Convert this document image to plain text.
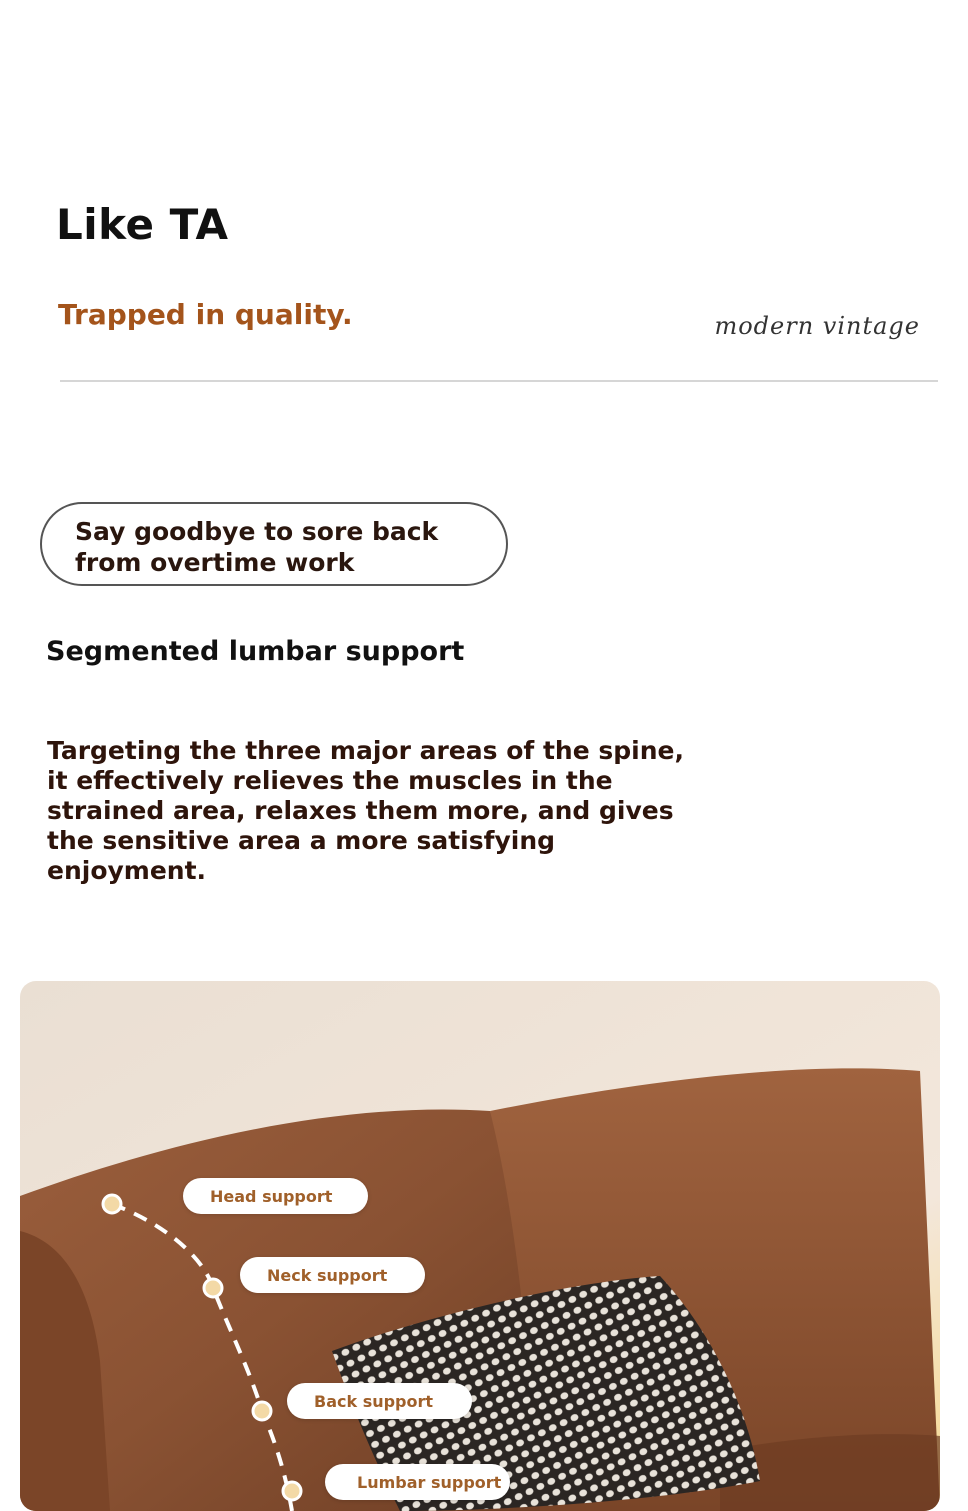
Like TA
Trapped in quality.	modern vintage
Say goodbye to sore back
from overtime work
Segmented lumbar support
Targeting the three major areas of the spine,
it effectively relieves the muscles in the
strained area, relaxes them more, and gives
the sensitive area a more satisfying
enjoyment.
Head support
Neck support
Back support
Lumbar support
